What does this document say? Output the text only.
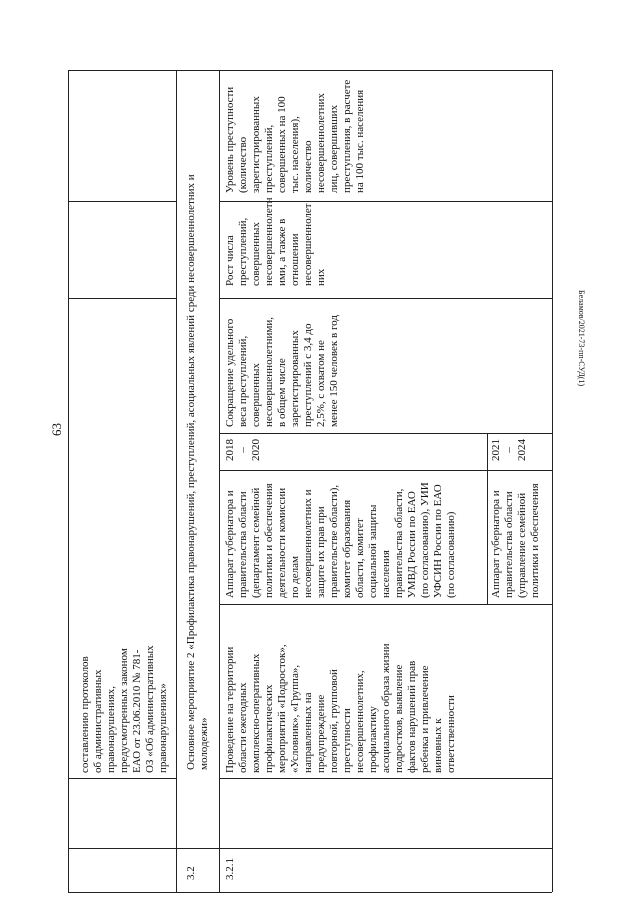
63
составлению протоколов об административных правонарушениях, предусмотренных законом ЕАО от 23.06.2010 № 781- ОЗ «Об административных правонарушениях»
3.2
Основное мероприятие 2 «Профилактика правонарушений, преступлений, асоциальных явлений среди несовершеннолетних и молодежи»
3.2.1
Проведение на территории области ежегодных комплексно-оперативных профилактических мероприятий «Подросток», «Условник», «Группа», направленных на предупреждение повторной, групповой преступности несовершеннолетних, профилактику асоциального образа жизни подростков, выявление фактов нарушений прав ребенка и привлечение виновных к ответственности
Аппарат губернатора и правительства области (департамент семейной политики и обеспечения деятельности комиссии по делам несовершеннолетних и защите их прав при правительстве области), комитет образования области, комитет социальной защиты населения правительства области, УМВД России по ЕАО (по согласованию), УИИ УФСИН России по ЕАО (по согласованию)
2018 – 2020
Аппарат губернатора и правительства области (управление семейной политики и обеспечения
2021 – 2024
Сокращение удельного веса преступлений, совершенных несовершеннолетними, в общем числе зарегистрированных преступлений с 3,4 до 2,5%, с охватом не менее 150 человек в год
Рост числа преступлений, совершенных несовершеннолетн ими, а также в отношении несовершеннолет них
Уровень преступности (количество зарегистрированных преступлений, совершенных на 100 тыс. населения), количество несовершеннолетних лиц, совершивших преступления, в расчете на 100 тыс. населения
Беламов/2021-73-пп-СУД(1)
